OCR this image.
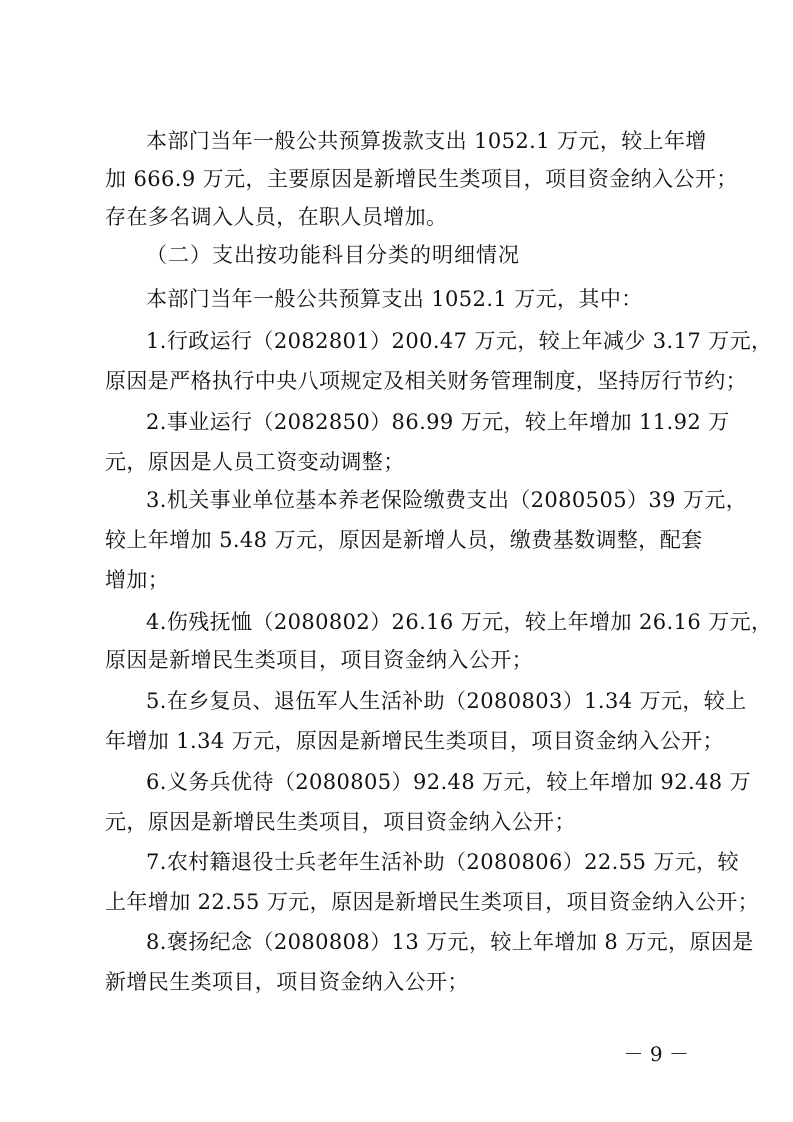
本部门当年一般公共预算拨款支出 1052.1 万元，较上年增
加 666.9 万元，主要原因是新增民生类项目，项目资金纳入公开；
存在多名调入人员，在职人员增加。
（二）支出按功能科目分类的明细情况
本部门当年一般公共预算支出 1052.1 万元，其中：
1.行政运行（2082801）200.47 万元，较上年减少 3.17 万元，
原因是严格执行中央八项规定及相关财务管理制度，坚持厉行节约；
2.事业运行（2082850）86.99 万元，较上年增加 11.92 万
元，原因是人员工资变动调整；
3.机关事业单位基本养老保险缴费支出（2080505）39 万元，
较上年增加 5.48 万元，原因是新增人员，缴费基数调整，配套
增加；
4.伤残抚恤（2080802）26.16 万元，较上年增加 26.16 万元，
原因是新增民生类项目，项目资金纳入公开；
5.在乡复员、退伍军人生活补助（2080803）1.34 万元，较上
年增加 1.34 万元，原因是新增民生类项目，项目资金纳入公开；
6.义务兵优待（2080805）92.48 万元，较上年增加 92.48 万
元，原因是新增民生类项目，项目资金纳入公开；
7.农村籍退役士兵老年生活补助（2080806）22.55 万元，较
上年增加 22.55 万元，原因是新增民生类项目，项目资金纳入公开；
8.褒扬纪念（2080808）13 万元，较上年增加 8 万元，原因是
新增民生类项目，项目资金纳入公开；
－ 9 －
